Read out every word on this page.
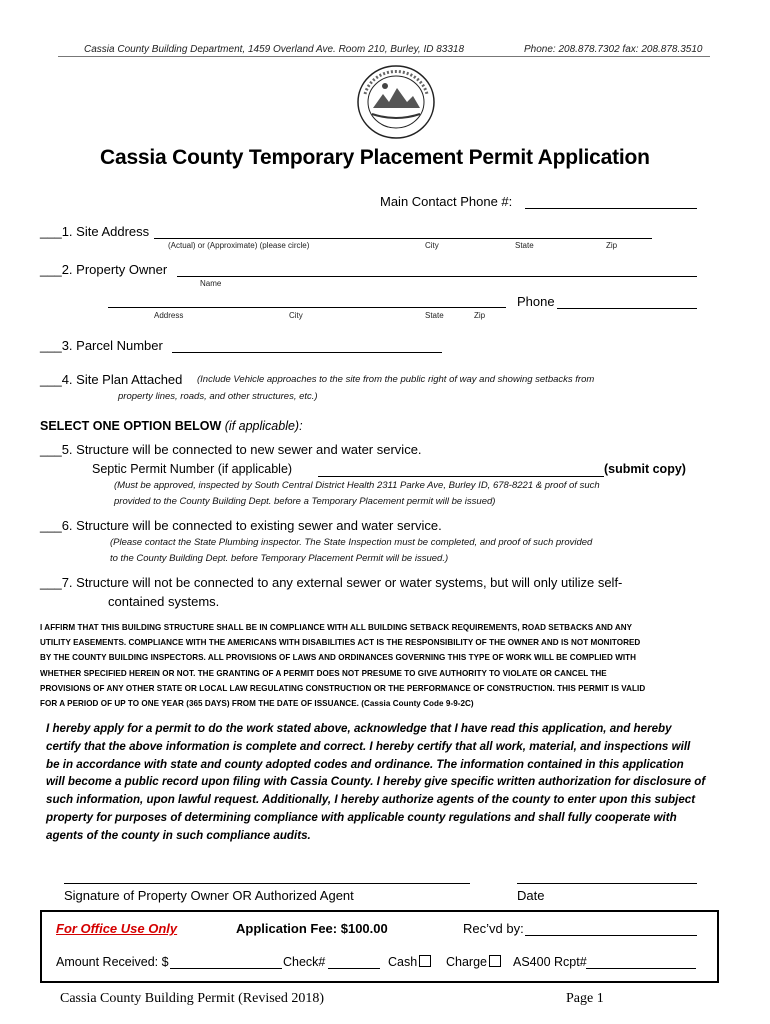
Cassia County Building Department, 1459 Overland Ave. Room 210, Burley, ID 83318	Phone: 208.878.7302 fax: 208.878.3510
Cassia County Temporary Placement Permit Application
Main Contact Phone #:
___1. Site Address
(Actual) or (Approximate) (please circle)	City	State	Zip
___2. Property Owner
Name
Phone
Address	City	State	Zip
___3. Parcel Number
___4. Site Plan Attached (Include Vehicle approaches to the site from the public right of way and showing setbacks from
property lines, roads, and other structures, etc.)
SELECT ONE OPTION BELOW (if applicable):
___5. Structure will be connected to new sewer and water service.
Septic Permit Number (if applicable)	(submit copy)
(Must be approved, inspected by South Central District Health 2311 Parke Ave, Burley ID, 678-8221 & proof of such
provided to the County Building Dept. before a Temporary Placement permit will be issued)
___6. Structure will be connected to existing sewer and water service.
(Please contact the State Plumbing inspector. The State Inspection must be completed, and proof of such provided
to the County Building Dept. before Temporary Placement Permit will be issued.)
___7. Structure will not be connected to any external sewer or water systems, but will only utilize self-
contained systems.
I AFFIRM THAT THIS BUILDING STRUCTURE SHALL BE IN COMPLIANCE WITH ALL BUILDING SETBACK REQUIREMENTS, ROAD SETBACKS AND ANY
UTILITY EASEMENTS. COMPLIANCE WITH THE AMERICANS WITH DISABILITIES ACT IS THE RESPONSIBILITY OF THE OWNER AND IS NOT MONITORED
BY THE COUNTY BUILDING INSPECTORS. ALL PROVISIONS OF LAWS AND ORDINANCES GOVERNING THIS TYPE OF WORK WILL BE COMPLIED WITH
WHETHER SPECIFIED HEREIN OR NOT. THE GRANTING OF A PERMIT DOES NOT PRESUME TO GIVE AUTHORITY TO VIOLATE OR CANCEL THE
PROVISIONS OF ANY OTHER STATE OR LOCAL LAW REGULATING CONSTRUCTION OR THE PERFORMANCE OF CONSTRUCTION. THIS PERMIT IS VALID
FOR A PERIOD OF UP TO ONE YEAR (365 DAYS) FROM THE DATE OF ISSUANCE. (Cassia County Code 9-9-2C)
I hereby apply for a permit to do the work stated above, acknowledge that I have read this application, and hereby
certify that the above information is complete and correct. I hereby certify that all work, material, and inspections will
be in accordance with state and county adopted codes and ordinance. The information contained in this application
will become a public record upon filing with Cassia County. I hereby give specific written authorization for disclosure of
such information, upon lawful request. Additionally, I hereby authorize agents of the county to enter upon this subject
property for purposes of determining compliance with applicable county regulations and shall fully cooperate with
agents of the county in such compliance audits.
Signature of Property Owner OR Authorized Agent	Date
For Office Use Only	Application Fee: $100.00	Rec’vd by:
Amount Received: $	Check#	Cash	Charge	AS400 Rcpt#
Cassia County Building Permit (Revised 2018)	Page 1
